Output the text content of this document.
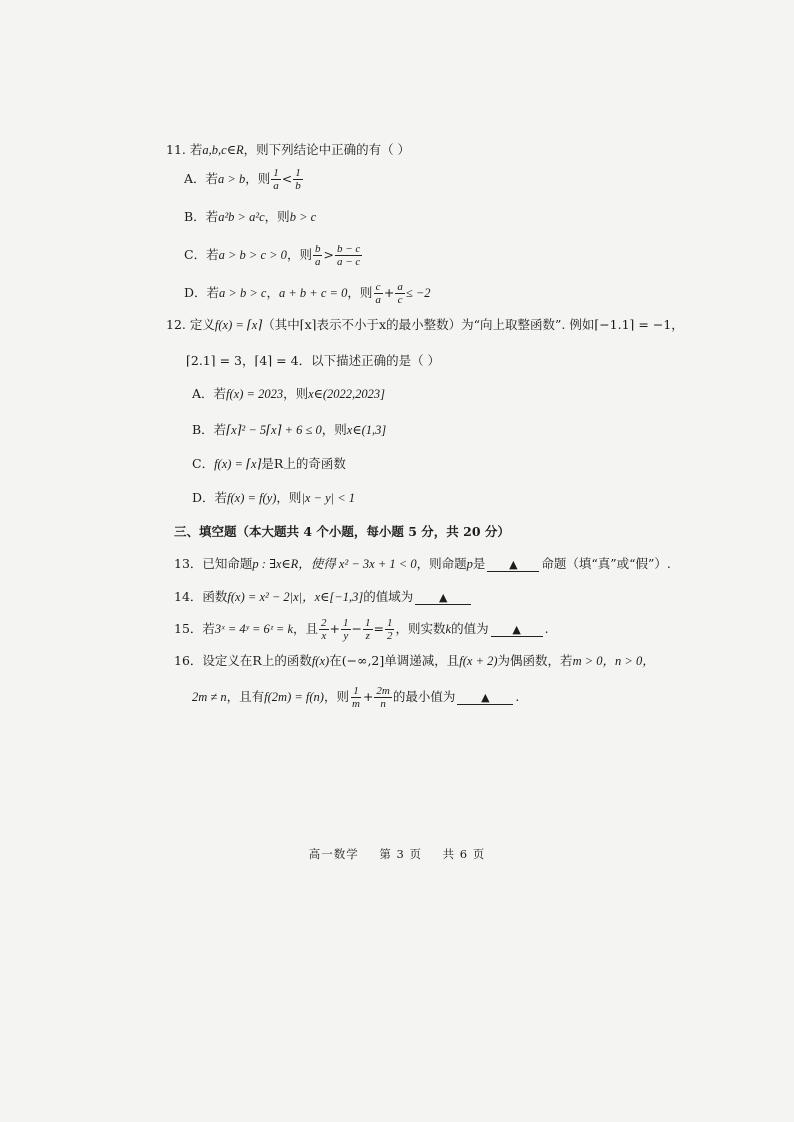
11. 若a,b,c∈R，则下列结论中正确的有（ ）
A．若a > b，则 $\frac{1}{a} < \frac{1}{b}$
B．若a²b > a²c，则b > c
C．若a > b > c > 0，则 $\frac{b}{a} > \frac{b - c}{a - c}$
D．若a > b > c，a + b + c = 0，则 $\frac{c}{a} + \frac{a}{c} \le -2$
12. 定义f(x) = ⌈x⌉（其中⌈x⌉表示不小于x的最小整数）为“向上取整函数”. 例如⌈−1.1⌉ = −1，
⌈2.1⌉ = 3，⌈4⌉ = 4．以下描述正确的是（ ）
A．若f(x) = 2023，则x∈(2022,2023]
B．若⌈x⌉² − 5⌈x⌉ + 6 ≤ 0，则x∈(1,3]
C．f(x) = ⌈x⌉是R上的奇函数
D．若f(x) = f(y)，则|x − y| < 1
三、填空题（本大题共 4 个小题，每小题 5 分，共 20 分）
13．已知命题p : ∃x∈R，使得 x² − 3x + 1 < 0，则命题p是 ▲ 命题（填“真”或“假”）.
14．函数f(x) = x² − 2|x|，x∈[−1,3]的值域为 ▲
15．若3ˣ = 4ʸ = 6ᶻ = k，且 $\frac{2}{x} + \frac{1}{y} - \frac{1}{z} = \frac{1}{2}$ ，则实数k的值为 ▲ .
16．设定义在R上的函数f(x)在(−∞,2]单调递减，且f(x + 2)为偶函数，若m > 0，n > 0，
2m ≠ n，且有f(2m) = f(n)，则 $\frac{1}{m} + \frac{2m}{n}$ 的最小值为 ▲ .
高一数学 第 3 页 共 6 页
